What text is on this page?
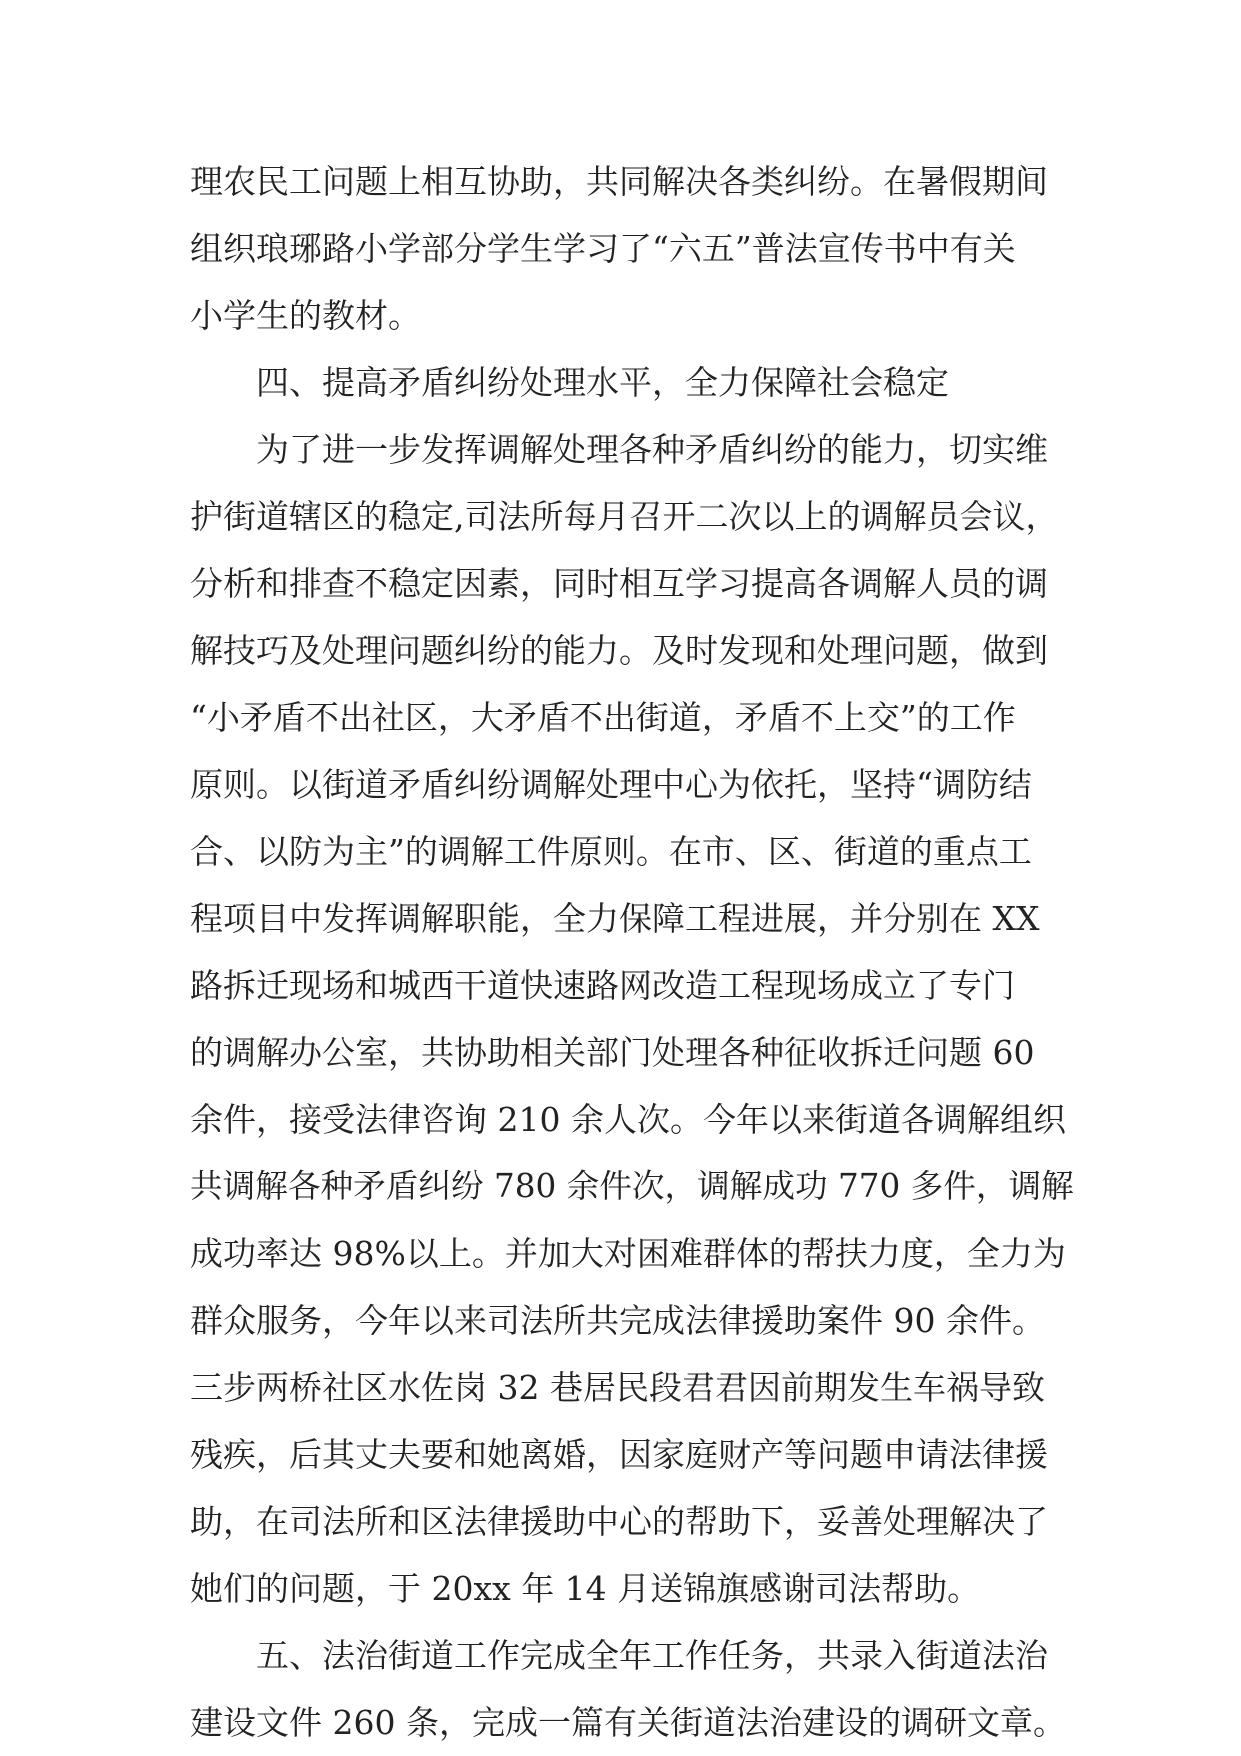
理农民工问题上相互协助，共同解决各类纠纷。在暑假期间
组织琅琊路小学部分学生学习了“六五”普法宣传书中有关
小学生的教材。
四、提高矛盾纠纷处理水平，全力保障社会稳定
为了进一步发挥调解处理各种矛盾纠纷的能力，切实维
护街道辖区的稳定,司法所每月召开二次以上的调解员会议，
分析和排查不稳定因素，同时相互学习提高各调解人员的调
解技巧及处理问题纠纷的能力。及时发现和处理问题，做到
“小矛盾不出社区，大矛盾不出街道，矛盾不上交”的工作
原则。以街道矛盾纠纷调解处理中心为依托，坚持“调防结
合、以防为主”的调解工件原则。在市、区、街道的重点工
程项目中发挥调解职能，全力保障工程进展，并分别在 XX
路拆迁现场和城西干道快速路网改造工程现场成立了专门
的调解办公室，共协助相关部门处理各种征收拆迁问题 60
余件，接受法律咨询 210 余人次。今年以来街道各调解组织
共调解各种矛盾纠纷 780 余件次，调解成功 770 多件，调解
成功率达 98%以上。并加大对困难群体的帮扶力度，全力为
群众服务，今年以来司法所共完成法律援助案件 90 余件。
三步两桥社区水佐岗 32 巷居民段君君因前期发生车祸导致
残疾，后其丈夫要和她离婚，因家庭财产等问题申请法律援
助，在司法所和区法律援助中心的帮助下，妥善处理解决了
她们的问题，于 20xx 年 14 月送锦旗感谢司法帮助。
五、法治街道工作完成全年工作任务，共录入街道法治
建设文件 260 条，完成一篇有关街道法治建设的调研文章。
